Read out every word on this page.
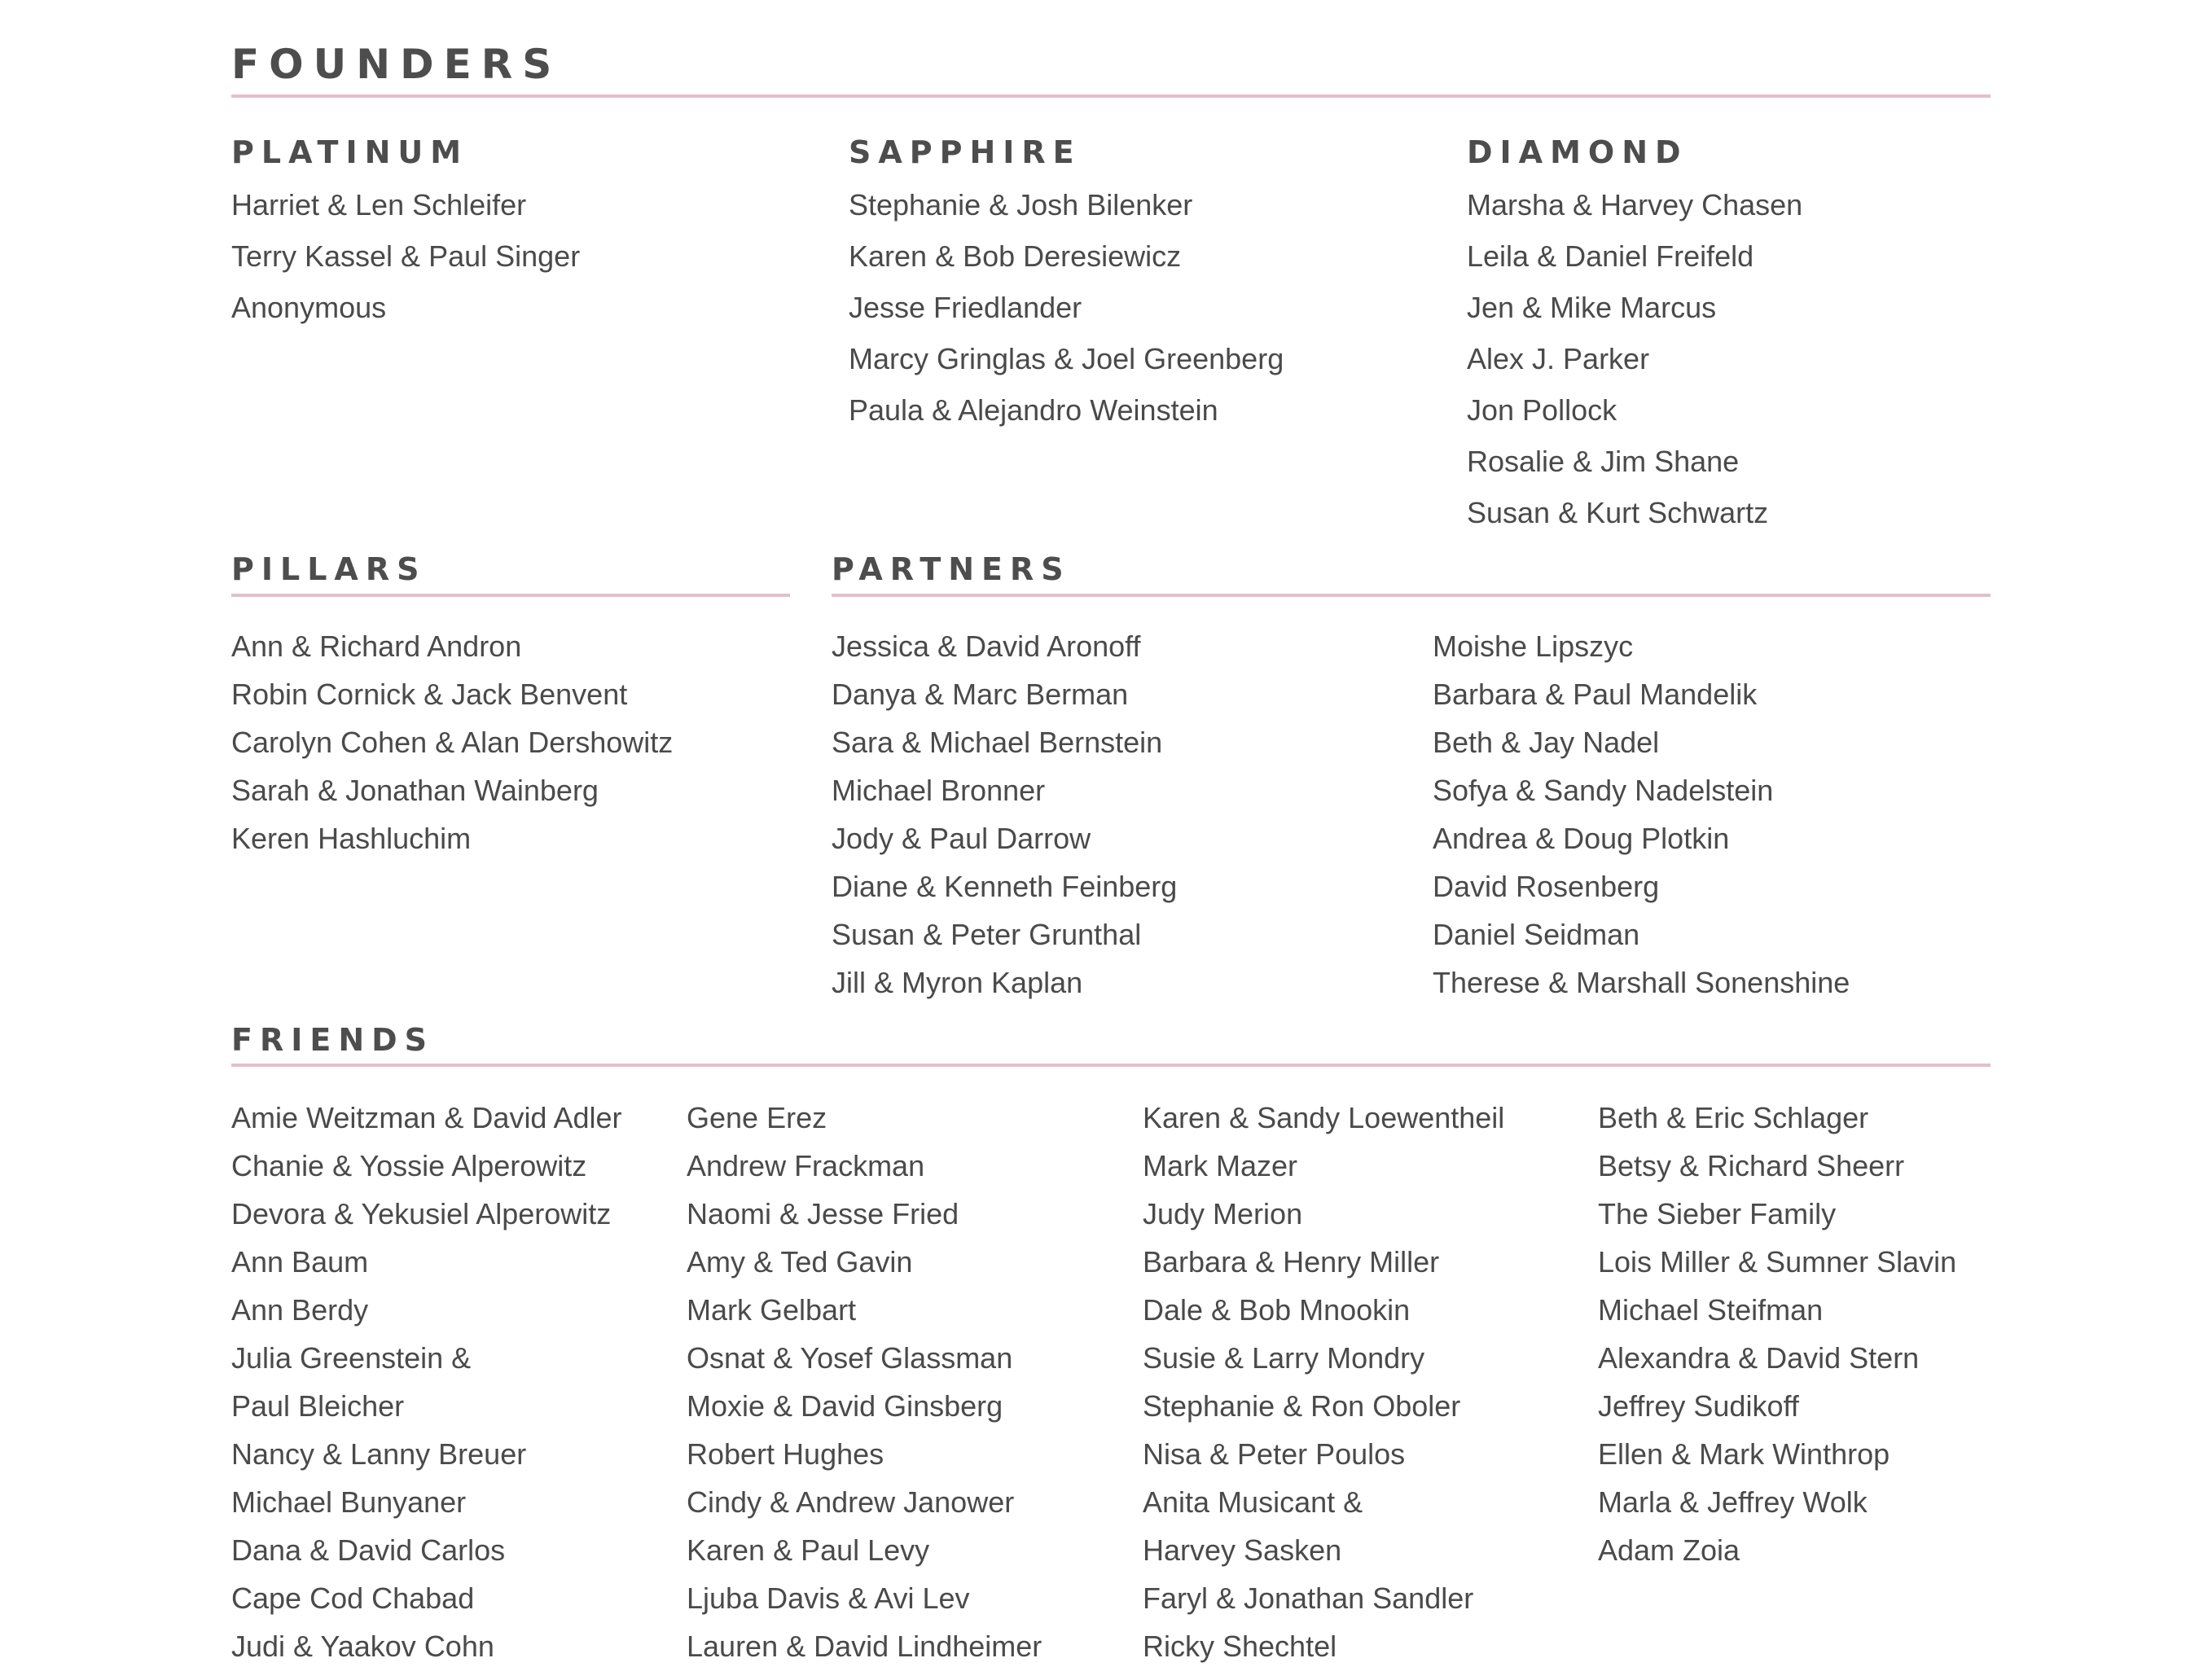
FOUNDERS
PLATINUM
Harriet & Len Schleifer
Terry Kassel & Paul Singer
Anonymous
SAPPHIRE
Stephanie & Josh Bilenker
Karen & Bob Deresiewicz
Jesse Friedlander
Marcy Gringlas & Joel Greenberg
Paula & Alejandro Weinstein
DIAMOND
Marsha & Harvey Chasen
Leila & Daniel Freifeld
Jen & Mike Marcus
Alex J. Parker
Jon Pollock
Rosalie & Jim Shane
Susan & Kurt Schwartz
PILLARS
Ann & Richard Andron
Robin Cornick & Jack Benvent
Carolyn Cohen & Alan Dershowitz
Sarah & Jonathan Wainberg
Keren Hashluchim
PARTNERS
Jessica & David Aronoff
Danya & Marc Berman
Sara & Michael Bernstein
Michael Bronner
Jody & Paul Darrow
Diane & Kenneth Feinberg
Susan & Peter Grunthal
Jill & Myron Kaplan
Moishe Lipszyc
Barbara & Paul Mandelik
Beth & Jay Nadel
Sofya & Sandy Nadelstein
Andrea & Doug Plotkin
David Rosenberg
Daniel Seidman
Therese & Marshall Sonenshine
FRIENDS
Amie Weitzman & David Adler
Chanie & Yossie Alperowitz
Devora & Yekusiel Alperowitz
Ann Baum
Ann Berdy
Julia Greenstein &
Paul Bleicher
Nancy & Lanny Breuer
Michael Bunyaner
Dana & David Carlos
Cape Cod Chabad
Judi & Yaakov Cohn
Gene Erez
Andrew Frackman
Naomi & Jesse Fried
Amy & Ted Gavin
Mark Gelbart
Osnat & Yosef Glassman
Moxie & David Ginsberg
Robert Hughes
Cindy & Andrew Janower
Karen & Paul Levy
Ljuba Davis & Avi Lev
Lauren & David Lindheimer
Karen & Sandy Loewentheil
Mark Mazer
Judy Merion
Barbara & Henry Miller
Dale & Bob Mnookin
Susie & Larry Mondry
Stephanie & Ron Oboler
Nisa & Peter Poulos
Anita Musicant &
Harvey Sasken
Faryl & Jonathan Sandler
Ricky Shechtel
Beth & Eric Schlager
Betsy & Richard Sheerr
The Sieber Family
Lois Miller & Sumner Slavin
Michael Steifman
Alexandra & David Stern
Jeffrey Sudikoff
Ellen & Mark Winthrop
Marla & Jeffrey Wolk
Adam Zoia
